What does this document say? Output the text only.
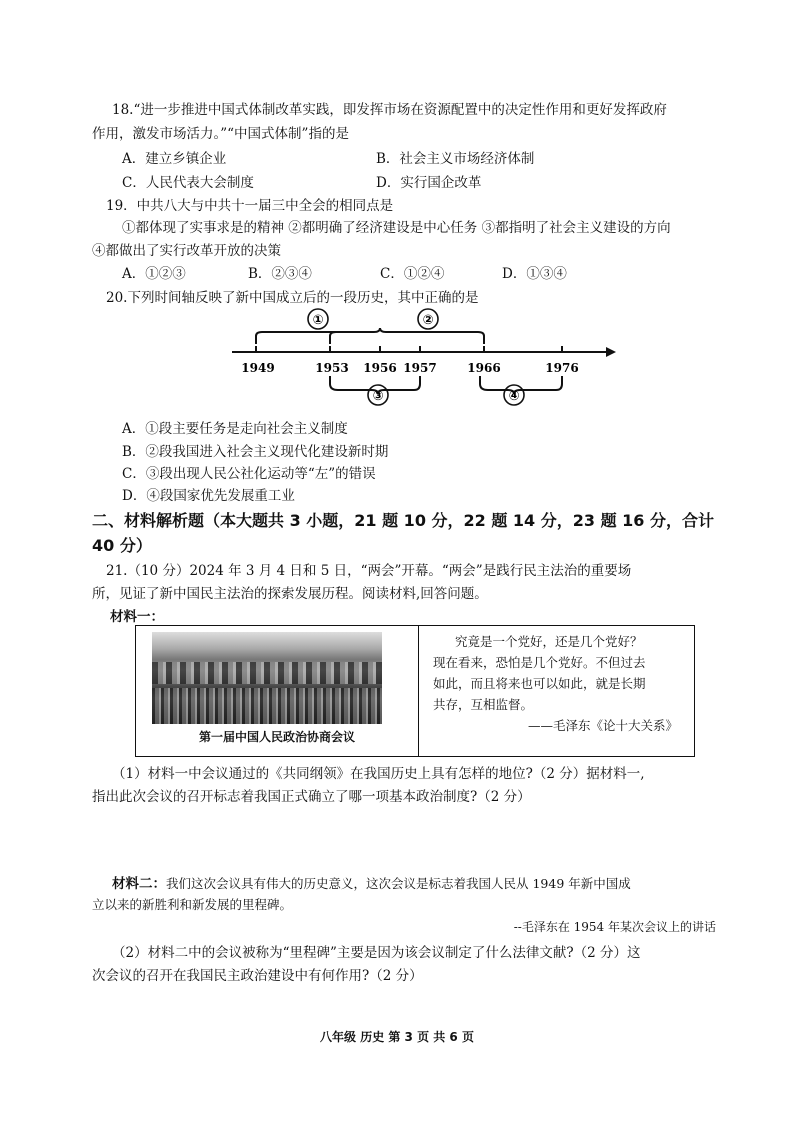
18.“进一步推进中国式体制改革实践，即发挥市场在资源配置中的决定性作用和更好发挥政府
作用，激发市场活力。”“中国式体制”指的是
A．建立乡镇企业	B．社会主义市场经济体制
C．人民代表大会制度	D．实行国企改革
19．中共八大与中共十一届三中全会的相同点是
①都体现了实事求是的精神 ②都明确了经济建设是中心任务 ③都指明了社会主义建设的方向
④都做出了实行改革开放的决策
A．①②③	B．②③④	C．①②④	D．①③④
20.下列时间轴反映了新中国成立后的一段历史，其中正确的是
①	②
③	④
1949	1953 1956 1957	1966	1976
A．①段主要任务是走向社会主义制度
B．②段我国进入社会主义现代化建设新时期
C．③段出现人民公社化运动等“左”的错误
D．④段国家优先发展重工业
二、材料解析题（本大题共 3 小题，21 题 10 分，22 题 14 分，23 题 16 分，合计
40 分）
21.（10 分）2024 年 3 月 4 日和 5 日，“两会”开幕。“两会”是践行民主法治的重要场
所，见证了新中国民主法治的探索发展历程。阅读材料,回答问题。
材料一：
第一届中国人民政治协商会议

究竟是一个党好，还是几个党好？
现在看来，恐怕是几个党好。不但过去
如此，而且将来也可以如此，就是长期
共存，互相监督。
——毛泽东《论十大关系》
（1）材料一中会议通过的《共同纲领》在我国历史上具有怎样的地位?（2 分）据材料一,
指出此次会议的召开标志着我国正式确立了哪一项基本政治制度?（2 分）
材料二：我们这次会议具有伟大的历史意义，这次会议是标志着我国人民从 1949 年新中国成
立以来的新胜利和新发展的里程碑。
--毛泽东在 1954 年某次会议上的讲话
（2）材料二中的会议被称为“里程碑”主要是因为该会议制定了什么法律文献?（2 分）这
次会议的召开在我国民主政治建设中有何作用?（2 分）
八年级 历史 第 3 页 共 6 页
